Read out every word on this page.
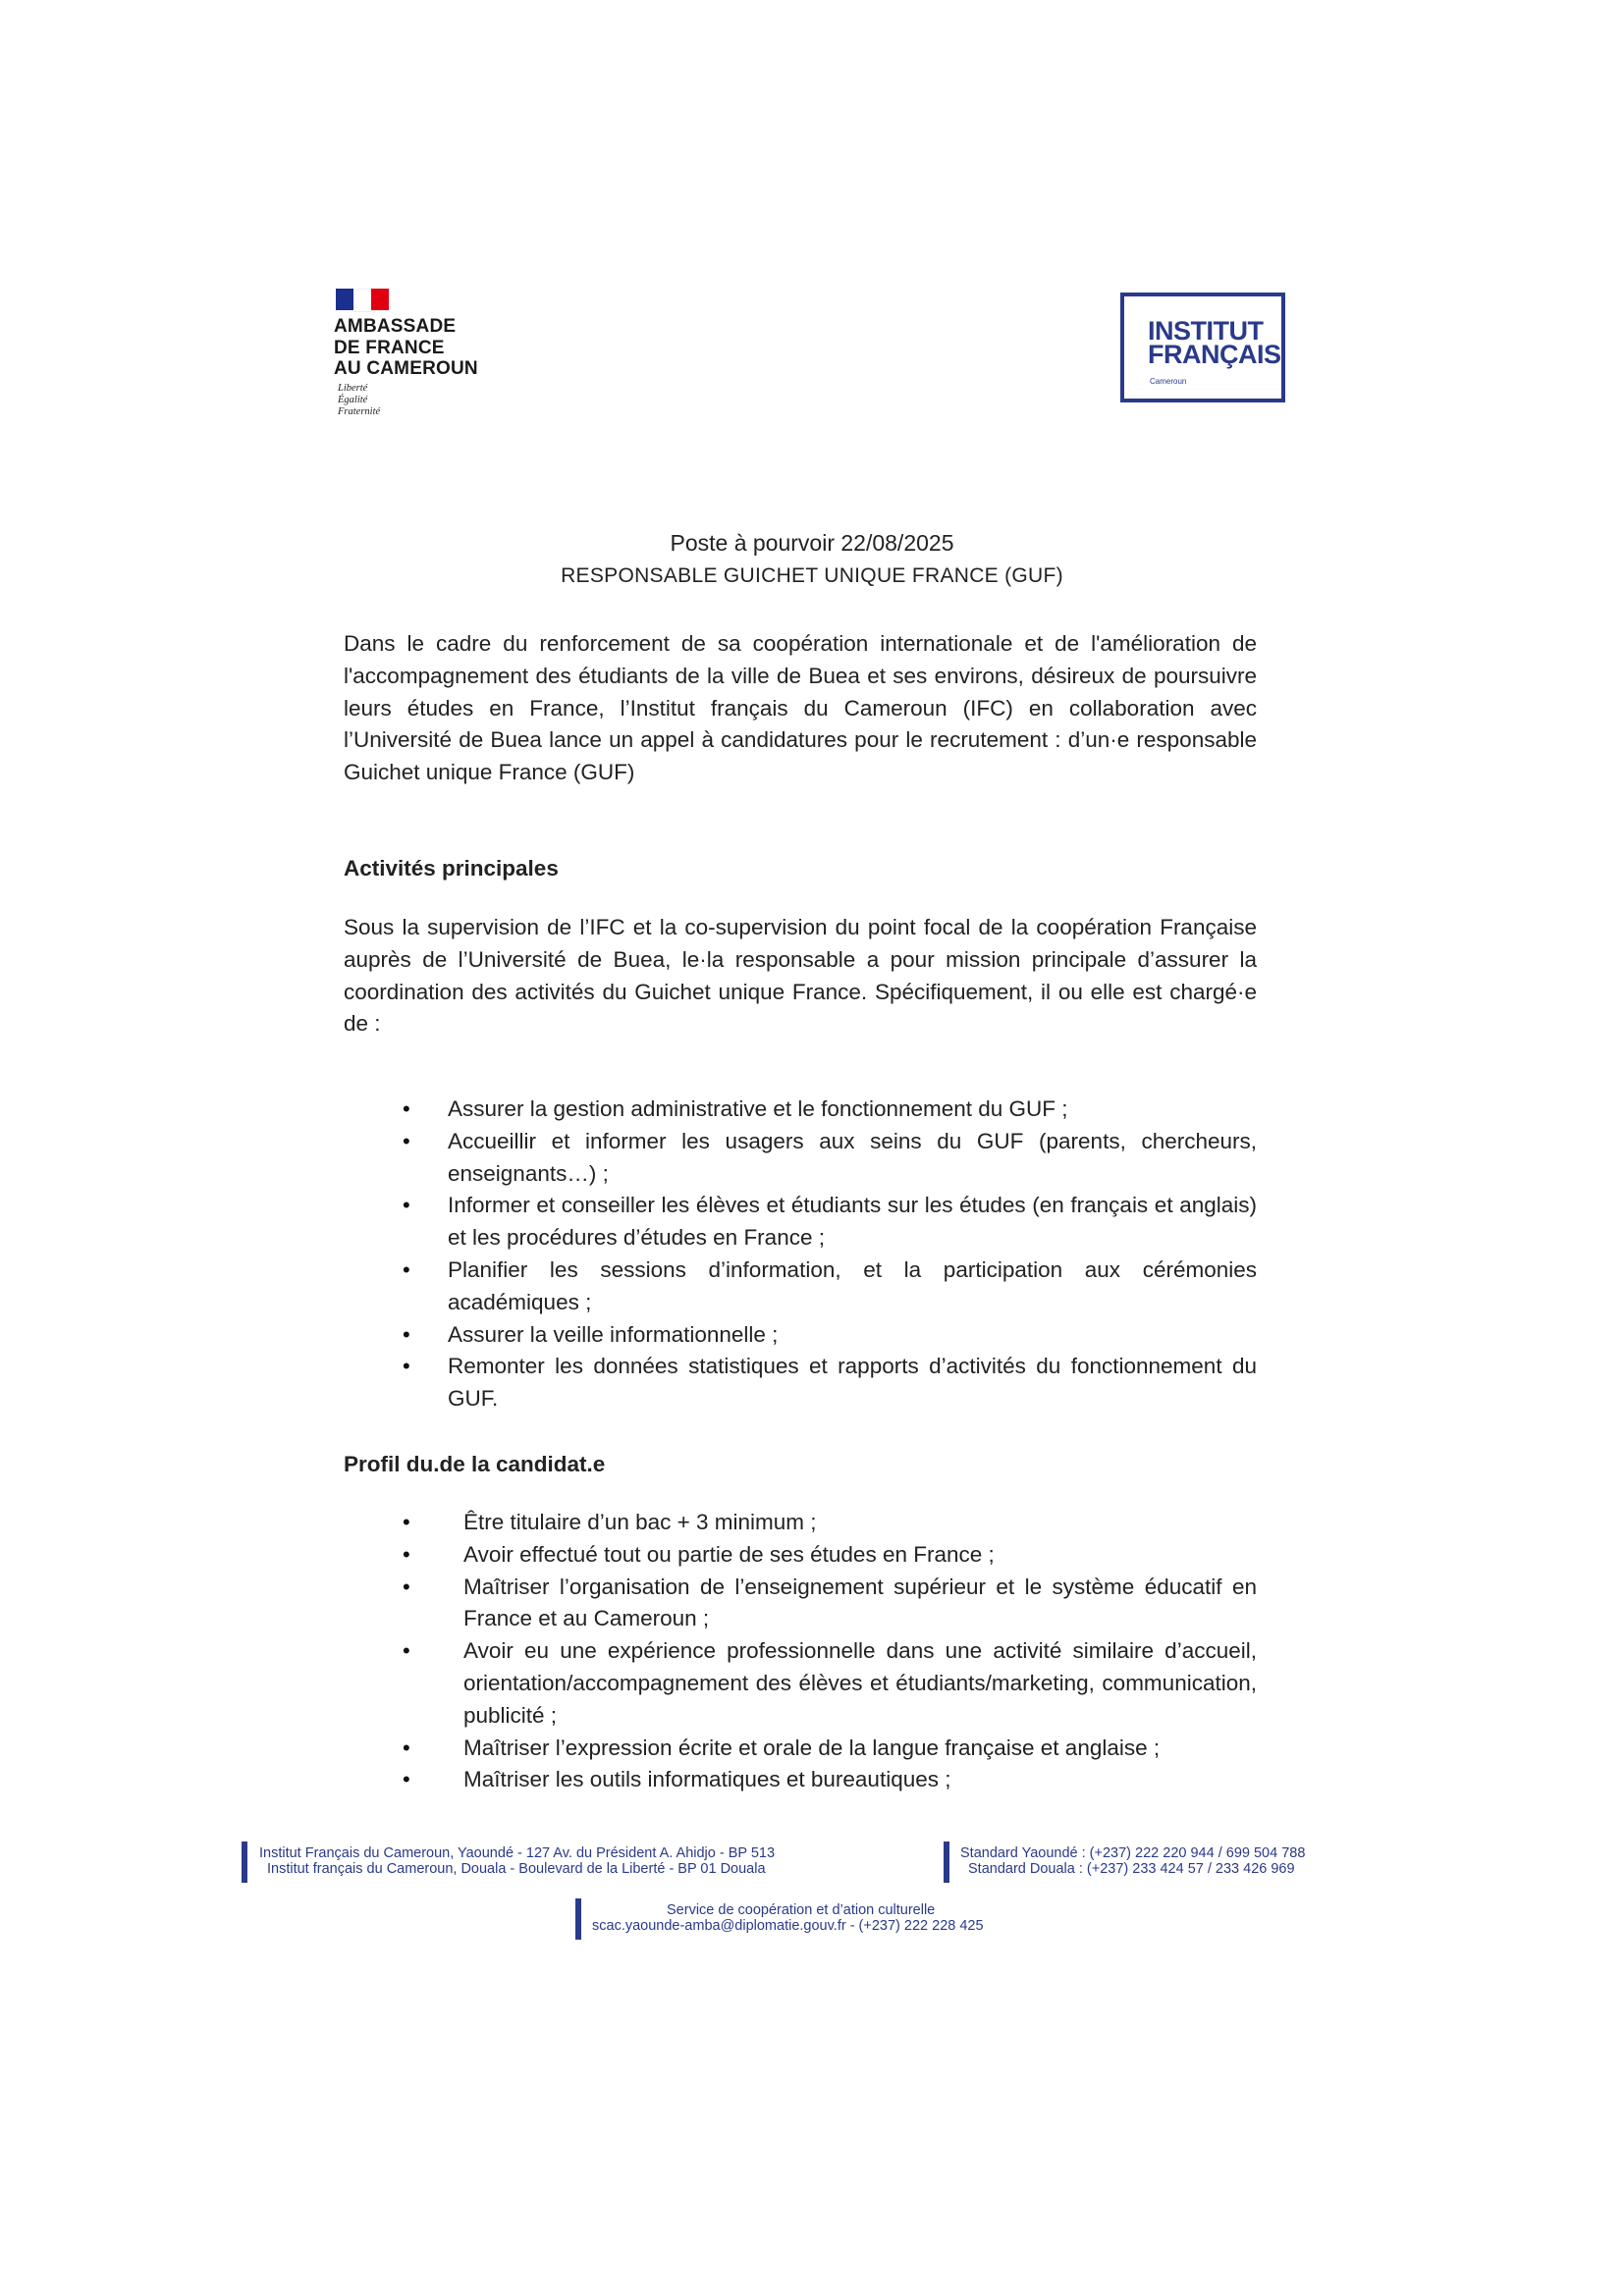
AMBASSADE
DE FRANCE
AU CAMEROUN
Liberté
Égalité
Fraternité
INSTITUT
FRANÇAIS
Cameroun
Poste à pourvoir 22/08/2025
RESPONSABLE GUICHET UNIQUE FRANCE (GUF)
Dans le cadre du renforcement de sa coopération internationale et de l'amélioration de l'accompagnement des étudiants de la ville de Buea et ses environs, désireux de poursuivre leurs études en France, l’Institut français du Cameroun (IFC) en collaboration avec l’Université de Buea lance un appel à candidatures pour le recrutement : d’un·e responsable Guichet unique France (GUF)
Activités principales
Sous la supervision de l’IFC et la co-supervision du point focal de la coopération Française auprès de l’Université de Buea, le·la responsable a pour mission principale d’assurer la coordination des activités du Guichet unique France. Spécifiquement, il ou elle est chargé·e de :
• Assurer la gestion administrative et le fonctionnement du GUF ;
• Accueillir et informer les usagers aux seins du GUF (parents, chercheurs, enseignants…) ;
• Informer et conseiller les élèves et étudiants sur les études (en français et anglais) et les procédures d’études en France ;
• Planifier les sessions d’information, et la participation aux cérémonies académiques ;
• Assurer la veille informationnelle ;
• Remonter les données statistiques et rapports d’activités du fonctionnement du GUF.
Profil du.de la candidat.e
• Être titulaire d’un bac + 3 minimum ;
• Avoir effectué tout ou partie de ses études en France ;
• Maîtriser l’organisation de l’enseignement supérieur et le système éducatif en France et au Cameroun ;
• Avoir eu une expérience professionnelle dans une activité similaire d’accueil, orientation/accompagnement des élèves et étudiants/marketing, communication, publicité ;
• Maîtriser l’expression écrite et orale de la langue française et anglaise ;
• Maîtriser les outils informatiques et bureautiques ;
Institut Français du Cameroun, Yaoundé - 127 Av. du Président A. Ahidjo - BP 513
Institut français du Cameroun, Douala - Boulevard de la Liberté - BP 01 Douala
Standard Yaoundé : (+237) 222 220 944 / 699 504 788
Standard Douala : (+237) 233 424 57 / 233 426 969
Service de coopération et d’ation culturelle
scac.yaounde-amba@diplomatie.gouv.fr - (+237) 222 228 425
